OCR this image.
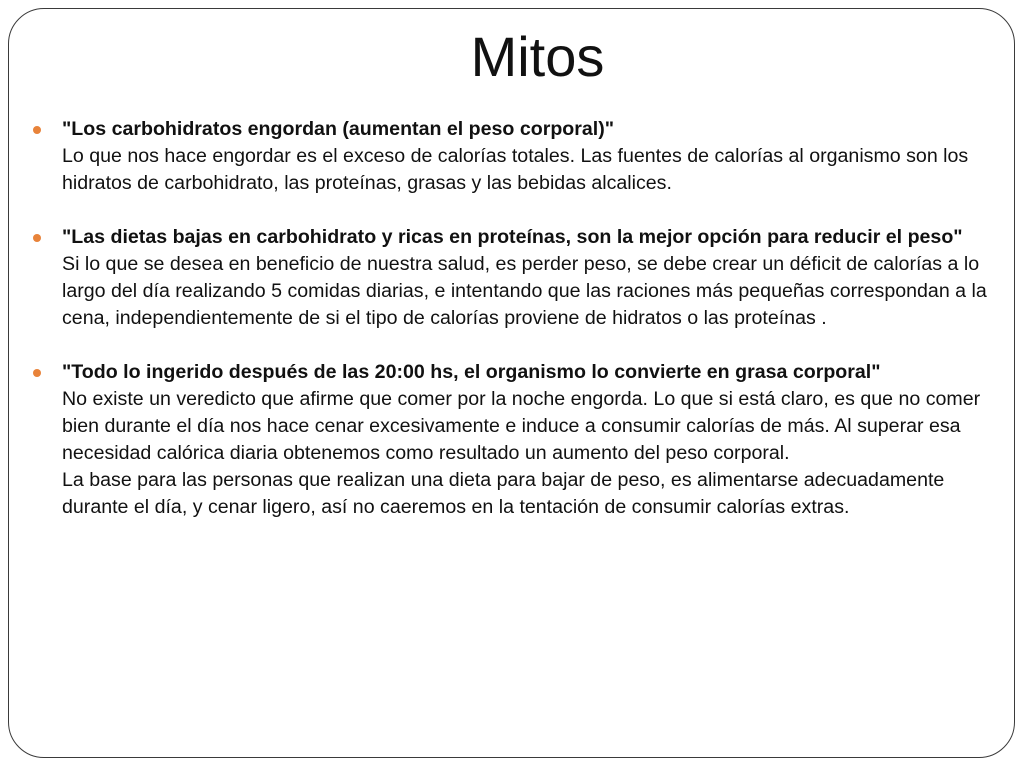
Mitos
"Los carbohidratos engordan (aumentan el peso corporal)"
Lo que nos hace engordar es el exceso de calorías totales. Las fuentes de calorías al organismo son los hidratos de carbohidrato, las proteínas, grasas y las bebidas alcalices.
"Las dietas bajas en carbohidrato y ricas en proteínas, son la mejor opción para reducir el peso"
Si lo que se desea en beneficio de nuestra salud, es perder peso, se debe crear un déficit de calorías a lo largo del día realizando 5 comidas diarias, e intentando que las raciones más pequeñas correspondan a la cena, independientemente de si el tipo de calorías proviene de hidratos o las proteínas .
"Todo lo ingerido después de las 20:00 hs, el organismo lo convierte en grasa corporal"
No existe un veredicto que afirme que comer por la noche engorda. Lo que si está claro, es que no comer bien durante el día nos hace cenar excesivamente e induce a consumir calorías de más. Al superar esa necesidad calórica diaria obtenemos como resultado un aumento del peso corporal.
La base para las personas que realizan una dieta para bajar de peso, es alimentarse adecuadamente durante el día, y cenar ligero, así no caeremos en la tentación de consumir calorías extras.
